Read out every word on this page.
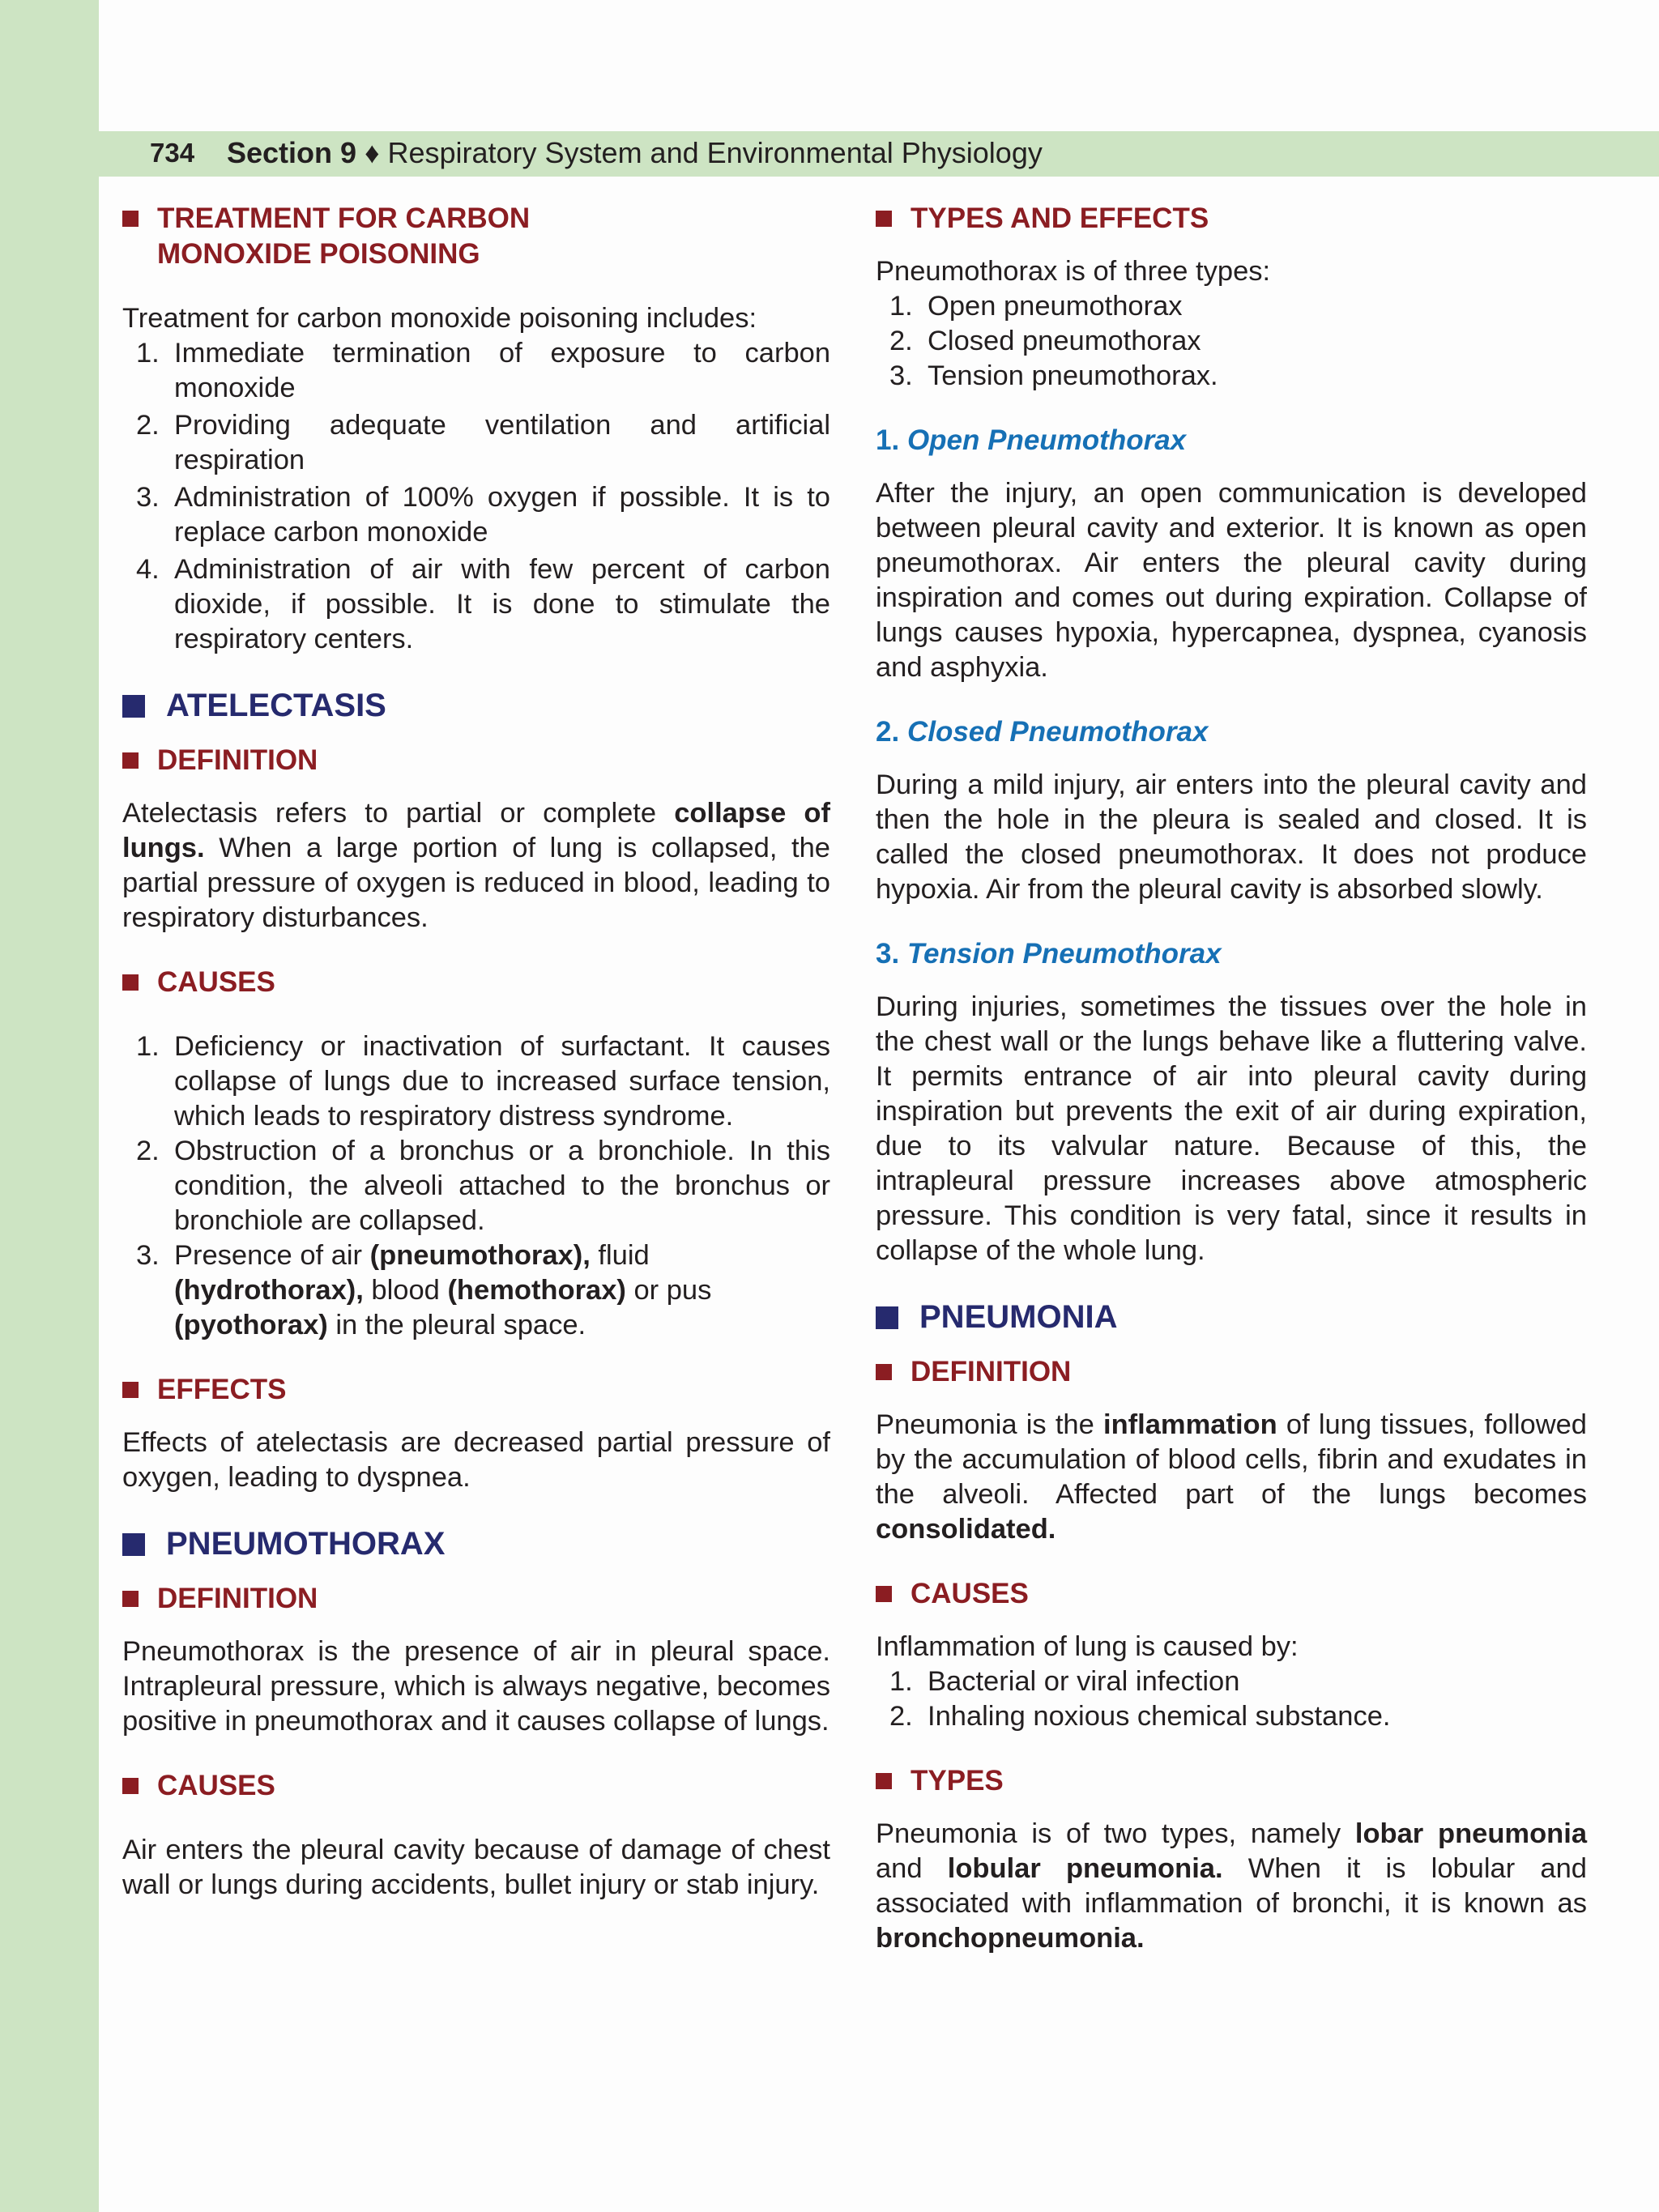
734 Section 9 ♦ Respiratory System and Environmental Physiology
TREATMENT FOR CARBON
MONOXIDE POISONING

Treatment for carbon monoxide poisoning includes:

1. Immediate termination of exposure to carbon monoxide
2. Providing adequate ventilation and artificial respiration
3. Administration of 100% oxygen if possible. It is to replace carbon monoxide
4. Administration of air with few percent of carbon dioxide, if possible. It is done to stimulate the respiratory centers.
ATELECTASIS
DEFINITION

Atelectasis refers to partial or complete collapse of lungs. When a large portion of lung is collapsed, the partial pressure of oxygen is reduced in blood, leading to respiratory disturbances.

CAUSES
1. Deficiency or inactivation of surfactant. It causes collapse of lungs due to increased surface tension, which leads to respiratory distress syndrome.
2. Obstruction of a bronchus or a bronchiole. In this condition, the alveoli attached to the bronchus or bronchiole are collapsed.
3. Presence of air (pneumothorax), fluid (hydrothorax), blood (hemothorax) or pus (pyothorax) in the pleural space.
EFFECTS

Effects of atelectasis are decreased partial pressure of oxygen, leading to dyspnea.

PNEUMOTHORAX
DEFINITION

Pneumothorax is the presence of air in pleural space. Intrapleural pressure, which is always negative, becomes positive in pneumothorax and it causes collapse of lungs.

CAUSES

Air enters the pleural cavity because of damage of chest wall or lungs during accidents, bullet injury or stab injury.

TYPES AND EFFECTS

Pneumothorax is of three types:

1. Open pneumothorax
2. Closed pneumothorax
3. Tension pneumothorax.
1. Open Pneumothorax

After the injury, an open communication is developed between pleural cavity and exterior. It is known as open pneumothorax. Air enters the pleural cavity during inspiration and comes out during expiration. Collapse of lungs causes hypoxia, hypercapnea, dyspnea, cyanosis and asphyxia.

2. Closed Pneumothorax

During a mild injury, air enters into the pleural cavity and then the hole in the pleura is sealed and closed. It is called the closed pneumothorax. It does not produce hypoxia. Air from the pleural cavity is absorbed slowly.

3. Tension Pneumothorax

During injuries, sometimes the tissues over the hole in the chest wall or the lungs behave like a fluttering valve. It permits entrance of air into pleural cavity during inspiration but prevents the exit of air during expiration, due to its valvular nature. Because of this, the intrapleural pressure increases above atmospheric pressure. This condition is very fatal, since it results in collapse of the whole lung.

PNEUMONIA
DEFINITION

Pneumonia is the inflammation of lung tissues, followed by the accumulation of blood cells, fibrin and exudates in the alveoli. Affected part of the lungs becomes consolidated.

CAUSES

Inflammation of lung is caused by:

1. Bacterial or viral infection
2. Inhaling noxious chemical substance.
TYPES

Pneumonia is of two types, namely lobar pneumonia and lobular pneumonia. When it is lobular and associated with inflammation of bronchi, it is known as bronchopneumonia.
